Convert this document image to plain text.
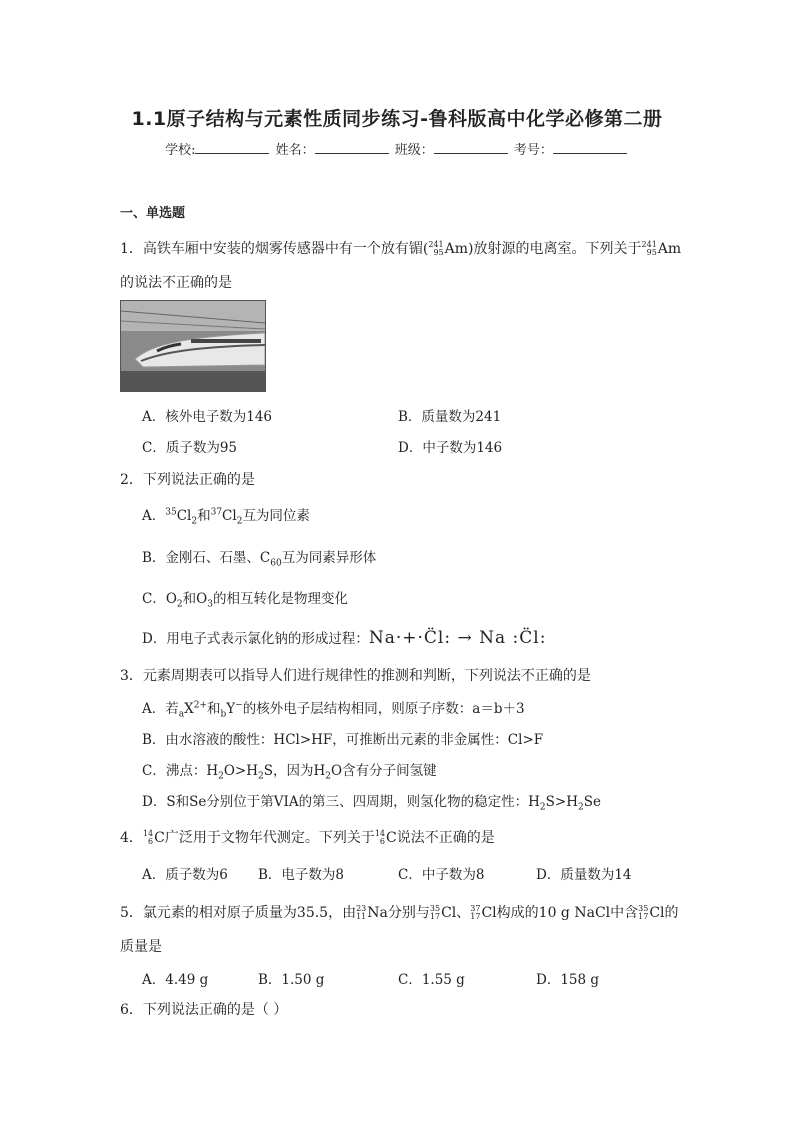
1.1原子结构与元素性质同步练习-鲁科版高中化学必修第二册
学校:	姓名：	班级：	考号：
一、单选题
1．高铁车厢中安装的烟雾传感器中有一个放有镅( 241
95 Am)放射源的电离室。下列关于 241
95 Am
的说法不正确的是
A．核外电子数为146	B．质量数为241
C．质子数为95	D．中子数为146
2．下列说法正确的是
A．$^{35}Cl_2$和$^{37}Cl_2$互为同位素
B．金刚石、石墨、$C_{60}$互为同素异形体
C．$O_2$和$O_3$的相互转化是物理变化
D．用电子式表示氯化钠的形成过程：Na·+·C̈l: → Na :C̈l:
3．元素周期表可以指导人们进行规律性的推测和判断，下列说法不正确的是
A．若$_aX^{2+}$和$_b$Y−的核外电子层结构相同，则原子序数：a＝b＋3
B．由水溶液的酸性：HCl>HF，可推断出元素的非金属性：Cl>F
C．沸点：$H_2O>H_2S$，因为$H_2O$含有分子间氢键
D．S和Se分别位于第VIA的第三、四周期，则氢化物的稳定性：$H_2S>H_2Se$
4． 14
6 C广泛用于文物年代测定。下列关于 14
6 C说法不正确的是
A．质子数为6 B．电子数为8	C．中子数为8	D．质量数为14
5．氯元素的相对原子质量为35.5，由 23
11 Na分别与 35
17 Cl、 37
17 Cl构成的10 g NaCl中含 35
17 Cl的
质量是
A．4.49 g	B．1.50 g	C．1.55 g	D．158 g
6．下列说法正确的是（ ）
